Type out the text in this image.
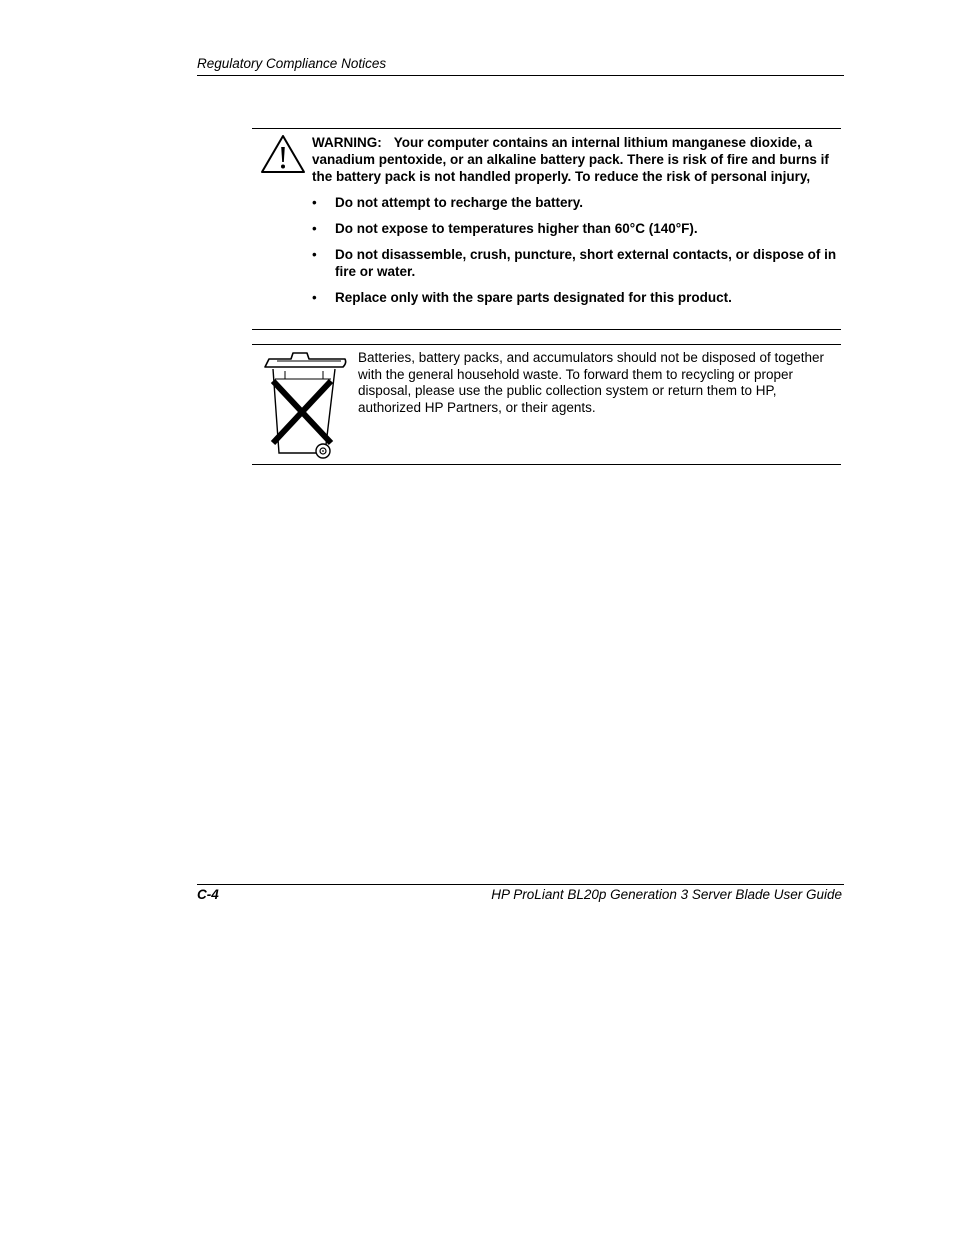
Regulatory Compliance Notices

WARNING: Your computer contains an internal lithium manganese dioxide, a vanadium pentoxide, or an alkaline battery pack. There is risk of fire and burns if the battery pack is not handled properly. To reduce the risk of personal injury,

• Do not attempt to recharge the battery.
• Do not expose to temperatures higher than 60°C (140°F).
• Do not disassemble, crush, puncture, short external contacts, or dispose of in fire or water.
• Replace only with the spare parts designated for this product.
Batteries, battery packs, and accumulators should not be disposed of together with the general household waste. To forward them to recycling or proper disposal, please use the public collection system or return them to HP, authorized HP Partners, or their agents.
C-4	HP ProLiant BL20p Generation 3 Server Blade User Guide
